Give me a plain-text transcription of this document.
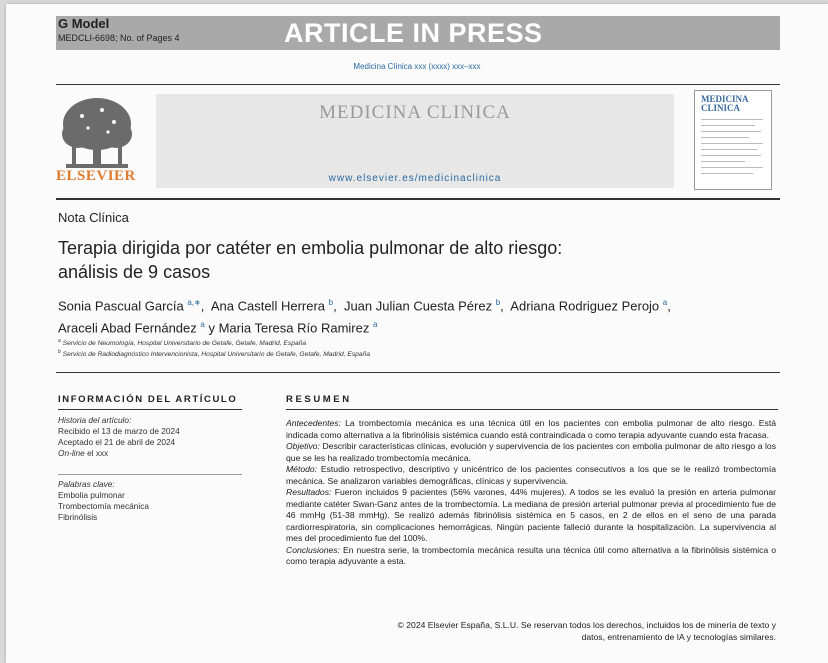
G Model
MEDCLI-6698; No. of Pages 4	ARTICLE IN PRESS
Medicina Clínica xxx (xxxx) xxx–xxx
ELSEVIER
MEDICINA CLINICA
www.elsevier.es/medicinaclinica
MEDICINA CLINICA
Nota Clínica
Terapia dirigida por catéter en embolia pulmonar de alto riesgo:
análisis de 9 casos
Sonia Pascual García $^{a,∗}$,  Ana Castell Herrera $^b$,  Juan Julian Cuesta Pérez $^b$,  Adriana Rodriguez Perojo $^a$,
Araceli Abad Fernández $^a$ y Maria Teresa Río Ramirez $^a$
$^a$ Servicio de Neumología, Hospital Universitario de Getafe, Getafe, Madrid, España
$^b$ Servicio de Radiodiagnóstico Intervencionista, Hospital Universitario de Getafe, Getafe, Madrid, España
INFORMACIÓN DEL ARTÍCULO
Historia del artículo:
Recibido el 13 de marzo de 2024
Aceptado el 21 de abril de 2024
On-line el xxx
Palabras clave:
Embolia pulmonar
Trombectomía mecánica
Fibrinólisis
RESUMEN

Antecedentes: La trombectomía mecánica es una técnica útil en los pacientes con embolia pulmonar de alto riesgo. Está indicada como alternativa a la fibrinólisis sistémica cuando está contraindicada o como terapia adyuvante cuando esta fracasa.

Objetivo: Describir características clínicas, evolución y supervivencia de los pacientes con embolia pulmonar de alto riesgo a los que se les ha realizado trombectomía mecánica.

Método: Estudio retrospectivo, descriptivo y unicéntrico de los pacientes consecutivos a los que se le realizó trombectomía mecánica. Se analizaron variables demográficas, clínicas y supervivencia.

Resultados: Fueron incluidos 9 pacientes (56% varones, 44% mujeres). A todos se les evaluó la presión en arteria pulmonar mediante catéter Swan-Ganz antes de la trombectomía. La mediana de presión arterial pulmonar previa al procedimiento fue de 46 mmHg (51-38 mmHg). Se realizó además fibrinólisis sistémica en 5 casos, en 2 de ellos en el seno de una parada cardiorrespiratoria, sin complicaciones hemorrágicas. Ningún paciente falleció durante la hospitalización. La supervivencia al mes del procedimiento fue del 100%.

Conclusiones: En nuestra serie, la trombectomía mecánica resulta una técnica útil como alternativa a la fibrinólisis sistémica o como terapia adyuvante a esta.

© 2024 Elsevier España, S.L.U. Se reservan todos los derechos, incluidos los de minería de texto y
datos, entrenamiento de IA y tecnologías similares.
